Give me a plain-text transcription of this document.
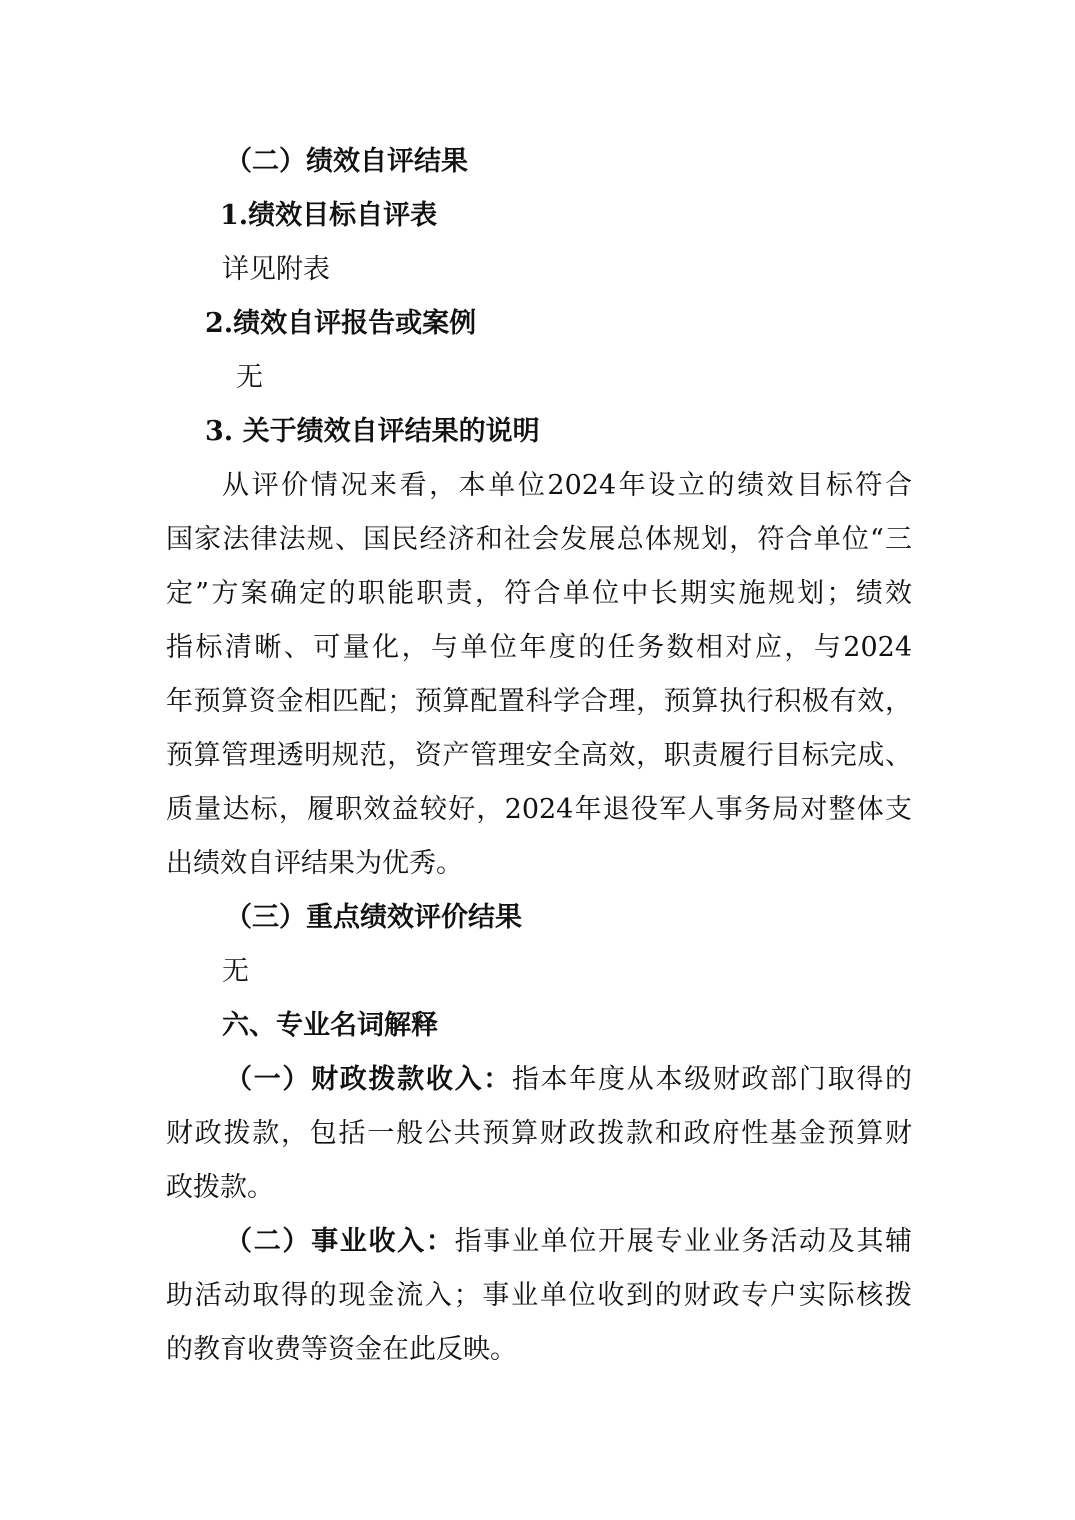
（二）绩效自评结果
1.绩效目标自评表
详见附表
2.绩效自评报告或案例
无
3. 关于绩效自评结果的说明
从评价情况来看，本单位2024年设立的绩效目标符合
国家法律法规、国民经济和社会发展总体规划，符合单位“三
定”方案确定的职能职责，符合单位中长期实施规划；绩效
指标清晰、可量化，与单位年度的任务数相对应，与2024
年预算资金相匹配；预算配置科学合理，预算执行积极有效，
预算管理透明规范，资产管理安全高效，职责履行目标完成、
质量达标，履职效益较好，2024年退役军人事务局对整体支
出绩效自评结果为优秀。
（三）重点绩效评价结果
无
六、专业名词解释
（一）财政拨款收入：指本年度从本级财政部门取得的
财政拨款，包括一般公共预算财政拨款和政府性基金预算财
政拨款。
（二）事业收入：指事业单位开展专业业务活动及其辅
助活动取得的现金流入；事业单位收到的财政专户实际核拨
的教育收费等资金在此反映。
